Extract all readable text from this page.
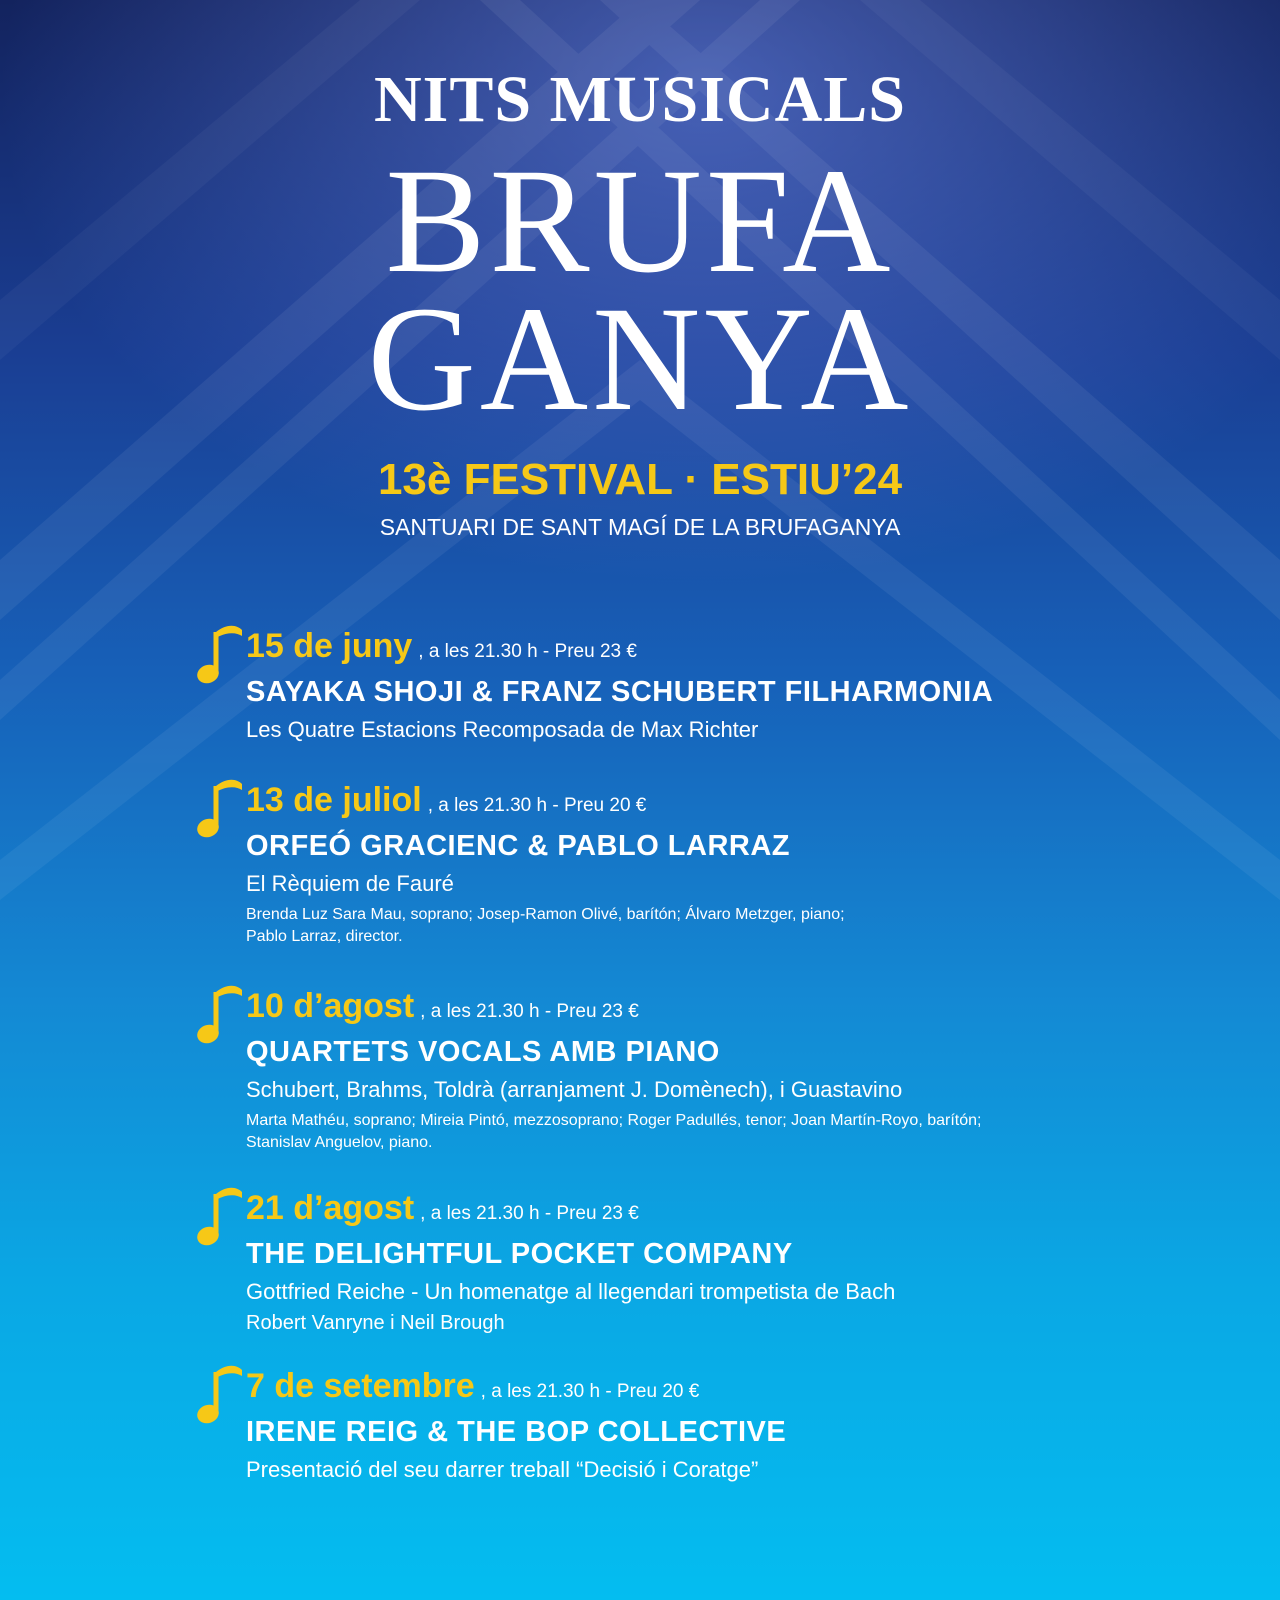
NITS MUSICALS
BRUFA
GANYA
13è FESTIVAL · ESTIU’24
SANTUARI DE SANT MAGÍ DE LA BRUFAGANYA
15 de juny , a les 21.30 h - Preu 23 €
SAYAKA SHOJI & FRANZ SCHUBERT FILHARMONIA
Les Quatre Estacions Recomposada de Max Richter
13 de juliol , a les 21.30 h - Preu 20 €
ORFEÓ GRACIENC & PABLO LARRAZ
El Rèquiem de Fauré
Brenda Luz Sara Mau, soprano; Josep-Ramon Olivé, barítón; Álvaro Metzger, piano;
Pablo Larraz, director.
10 d’agost , a les 21.30 h - Preu 23 €
QUARTETS VOCALS AMB PIANO
Schubert, Brahms, Toldrà (arranjament J. Domènech), i Guastavino
Marta Mathéu, soprano; Mireia Pintó, mezzosoprano; Roger Padullés, tenor; Joan Martín-Royo, barítón;
Stanislav Anguelov, piano.
21 d’agost , a les 21.30 h - Preu 23 €
THE DELIGHTFUL POCKET COMPANY
Gottfried Reiche - Un homenatge al llegendari trompetista de Bach
Robert Vanryne i Neil Brough
7 de setembre , a les 21.30 h - Preu 20 €
IRENE REIG & THE BOP COLLECTIVE
Presentació del seu darrer treball “Decisió i Coratge”
